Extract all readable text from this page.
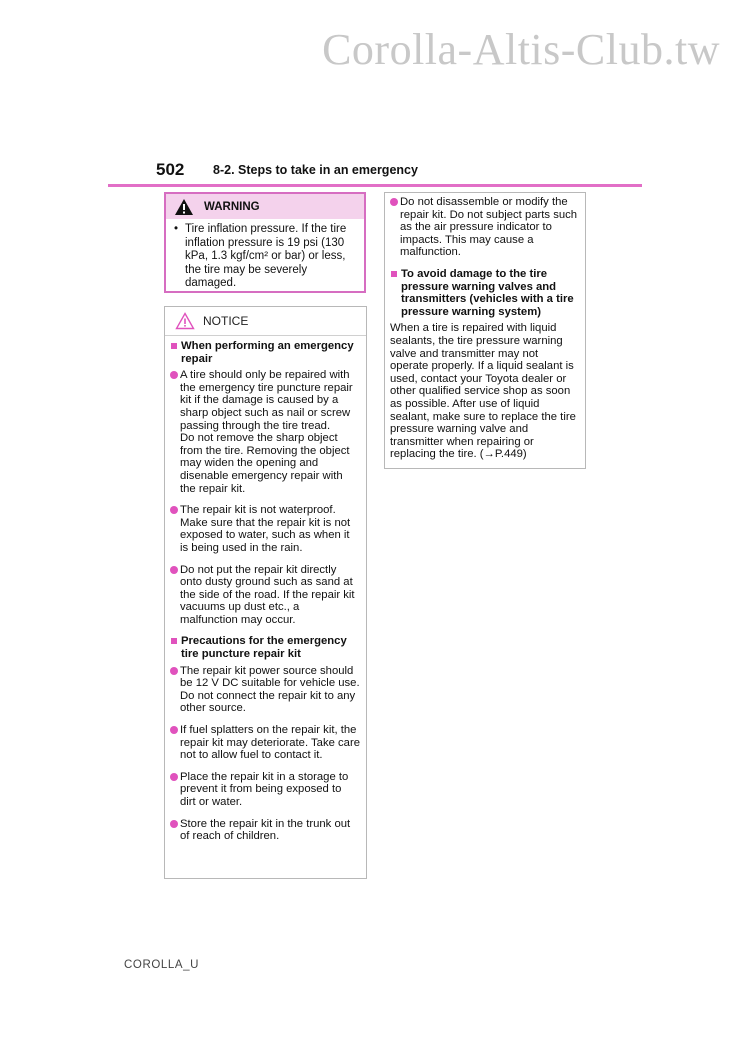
Corolla-Altis-Club.tw
502 8-2. Steps to take in an emergency
WARNING
• Tire inflation pressure. If the tire inflation pressure is 19 psi (130 kPa, 1.3 kgf/cm² or bar) or less, the tire may be severely damaged.
NOTICE
When performing an emergency repair
A tire should only be repaired with the emergency tire puncture repair kit if the damage is caused by a sharp object such as nail or screw passing through the tire tread.
Do not remove the sharp object from the tire. Removing the object may widen the opening and disenable emergency repair with the repair kit.
The repair kit is not waterproof. Make sure that the repair kit is not exposed to water, such as when it is being used in the rain.
Do not put the repair kit directly onto dusty ground such as sand at the side of the road. If the repair kit vacuums up dust etc., a malfunction may occur.
Precautions for the emergency tire puncture repair kit
The repair kit power source should be 12 V DC suitable for vehicle use. Do not connect the repair kit to any other source.
If fuel splatters on the repair kit, the repair kit may deteriorate. Take care not to allow fuel to contact it.
Place the repair kit in a storage to prevent it from being exposed to dirt or water.
Store the repair kit in the trunk out of reach of children.
Do not disassemble or modify the repair kit. Do not subject parts such as the air pressure indicator to impacts. This may cause a malfunction.
To avoid damage to the tire pressure warning valves and transmitters (vehicles with a tire pressure warning system)
When a tire is repaired with liquid sealants, the tire pressure warning valve and transmitter may not operate properly. If a liquid sealant is used, contact your Toyota dealer or other qualified service shop as soon as possible. After use of liquid sealant, make sure to replace the tire pressure warning valve and transmitter when repairing or replacing the tire. (→P.449)
COROLLA_U
